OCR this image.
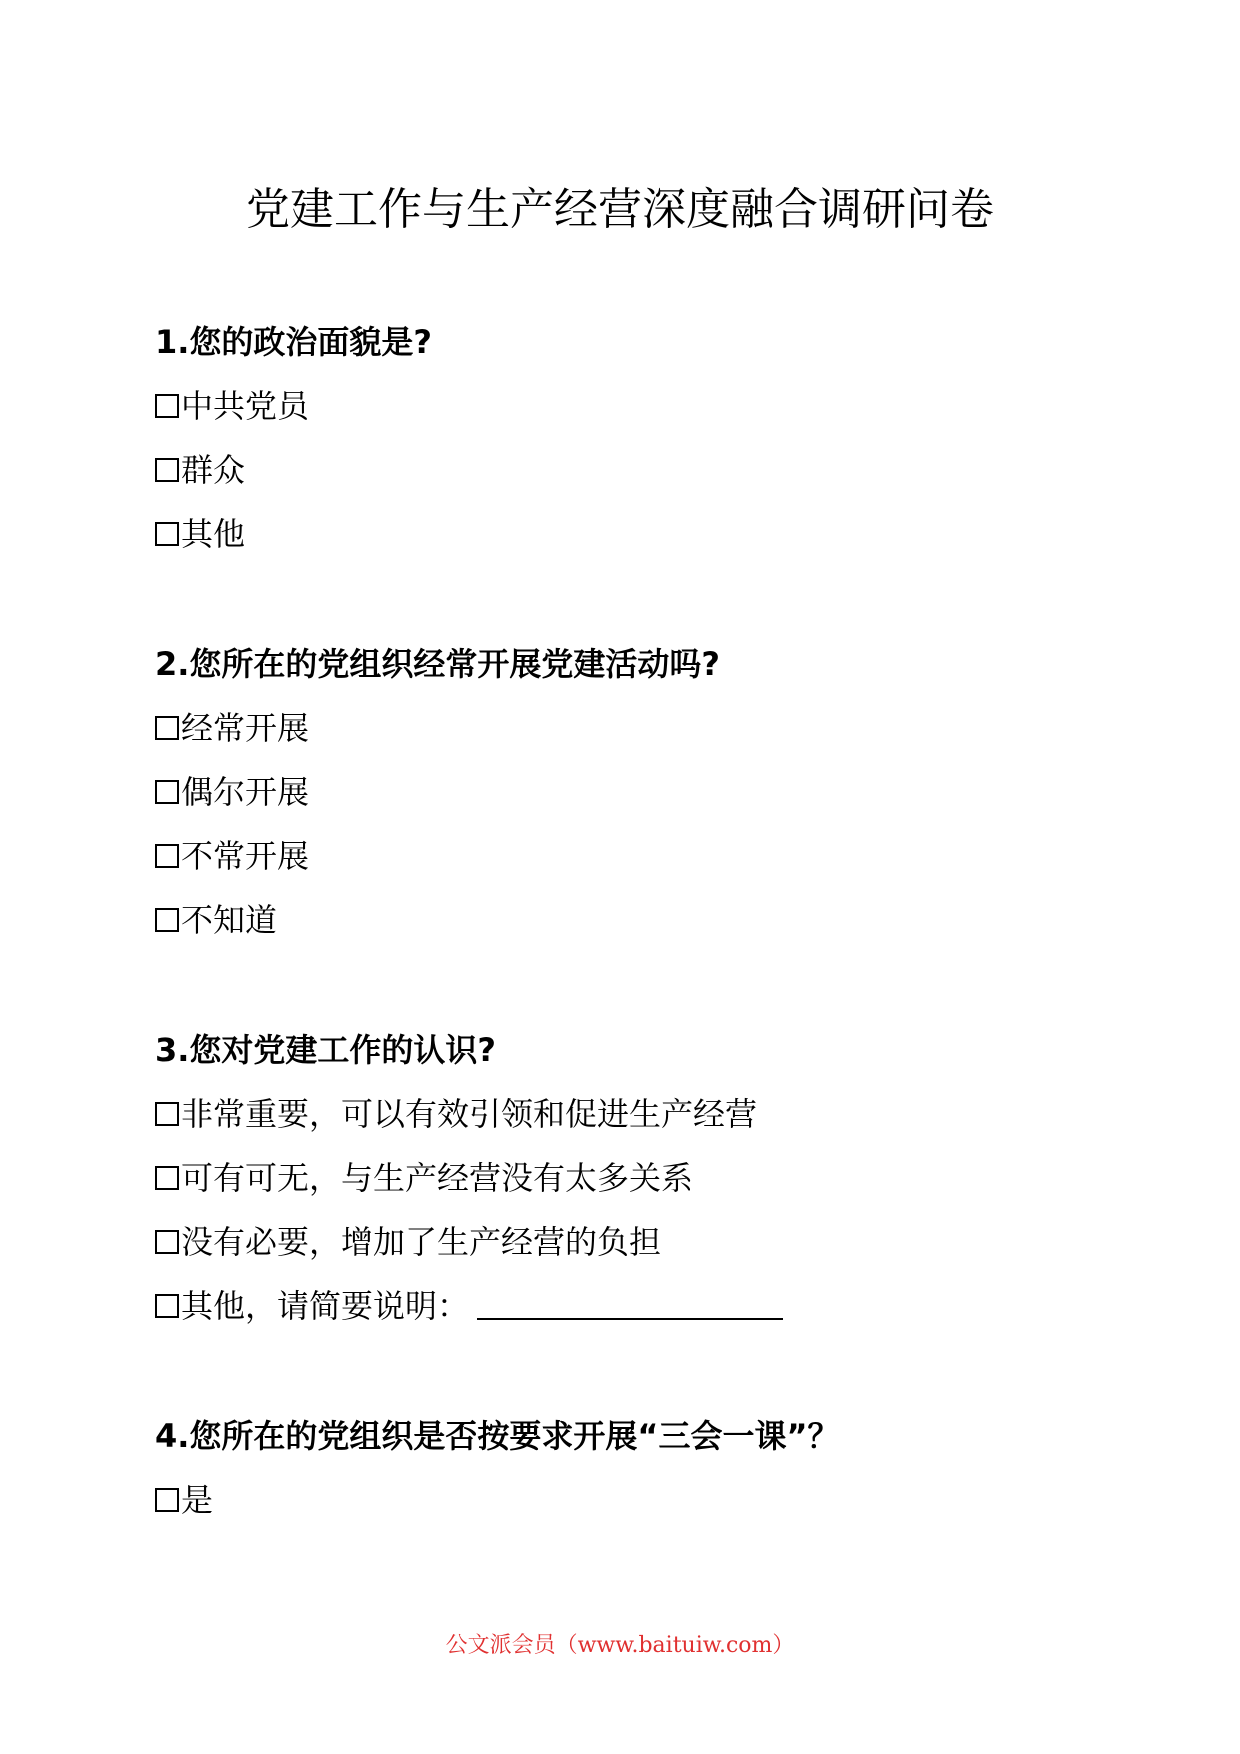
党建工作与生产经营深度融合调研问卷
1.您的政治面貌是?
中共党员
群众
其他
2.您所在的党组织经常开展党建活动吗?
经常开展
偶尔开展
不常开展
不知道
3.您对党建工作的认识?
非常重要，可以有效引领和促进生产经营
可有可无，与生产经营没有太多关系
没有必要，增加了生产经营的负担
其他，请简要说明：
4.您所在的党组织是否按要求开展“三会一课”？
是
公文派会员（www.baituiw.com）
